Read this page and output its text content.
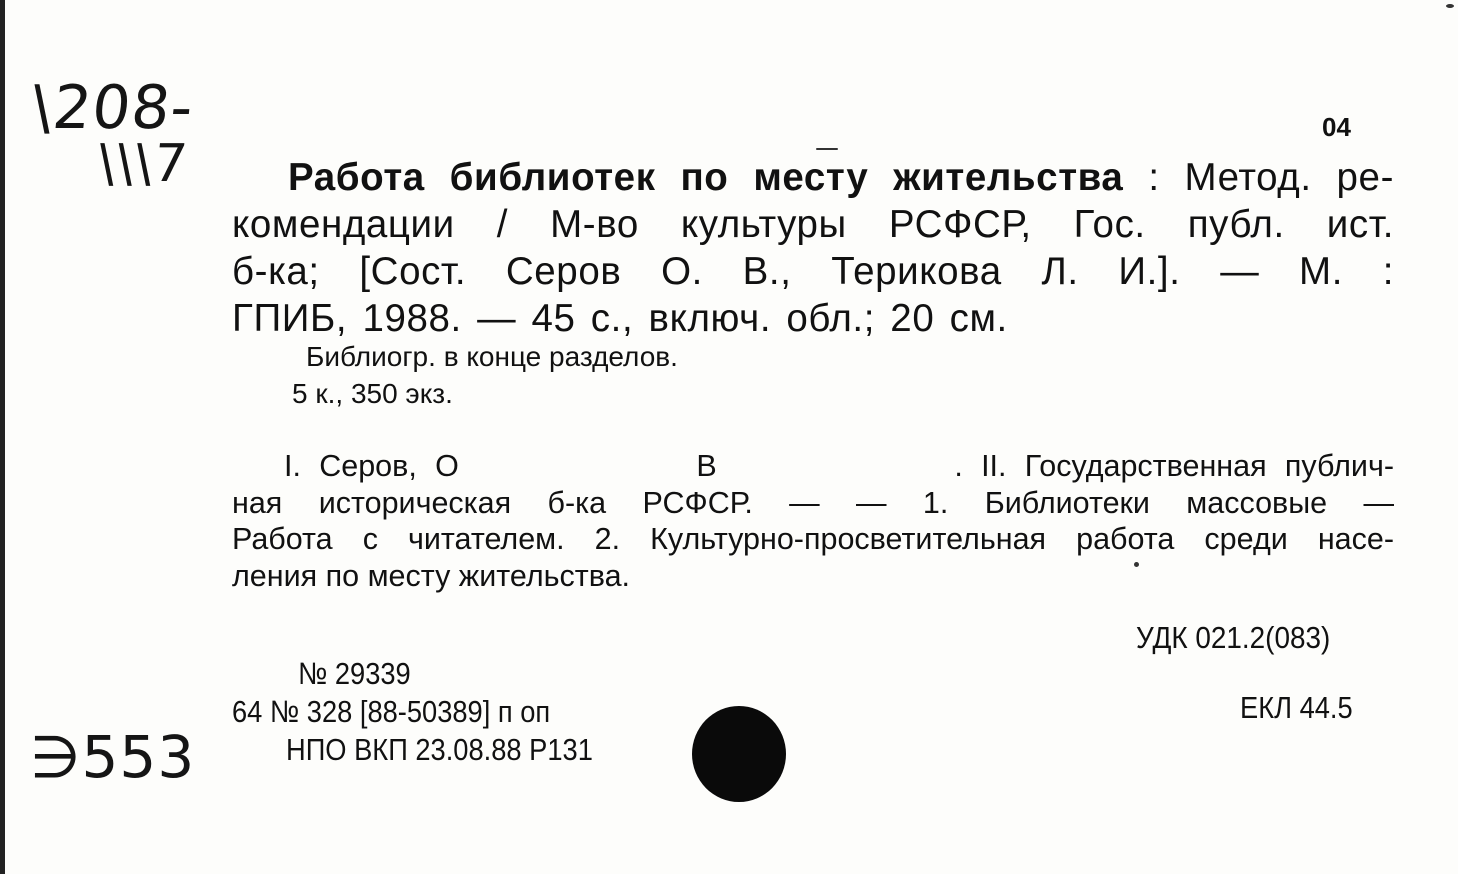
\208-
\\\7
∋553
04
Работа библиотек по месту жительства : Метод. ре-
комендации / М-во культуры РСФСР, Гос. публ. ист.
б-ка; [Сост. Серов О. В., Терикова Л. И.]. — М. :
ГПИБ, 1988. — 45 с., включ. обл.; 20 см.
Библиогр. в конце разделов.
5 к., 350 экз.
I. Серов, О             В             . II. Государственная публич-
ная историческая б-ка РСФСР. — — 1. Библиотеки массовые —
Работа с читателем. 2. Культурно-просветительная работа среди насе-
ления по месту жительства.
УДК 021.2(083)
ЕКЛ 44.5
№ 29339
64 № 328 [88-50389] п оп
НПО ВКП 23.08.88 Р131
